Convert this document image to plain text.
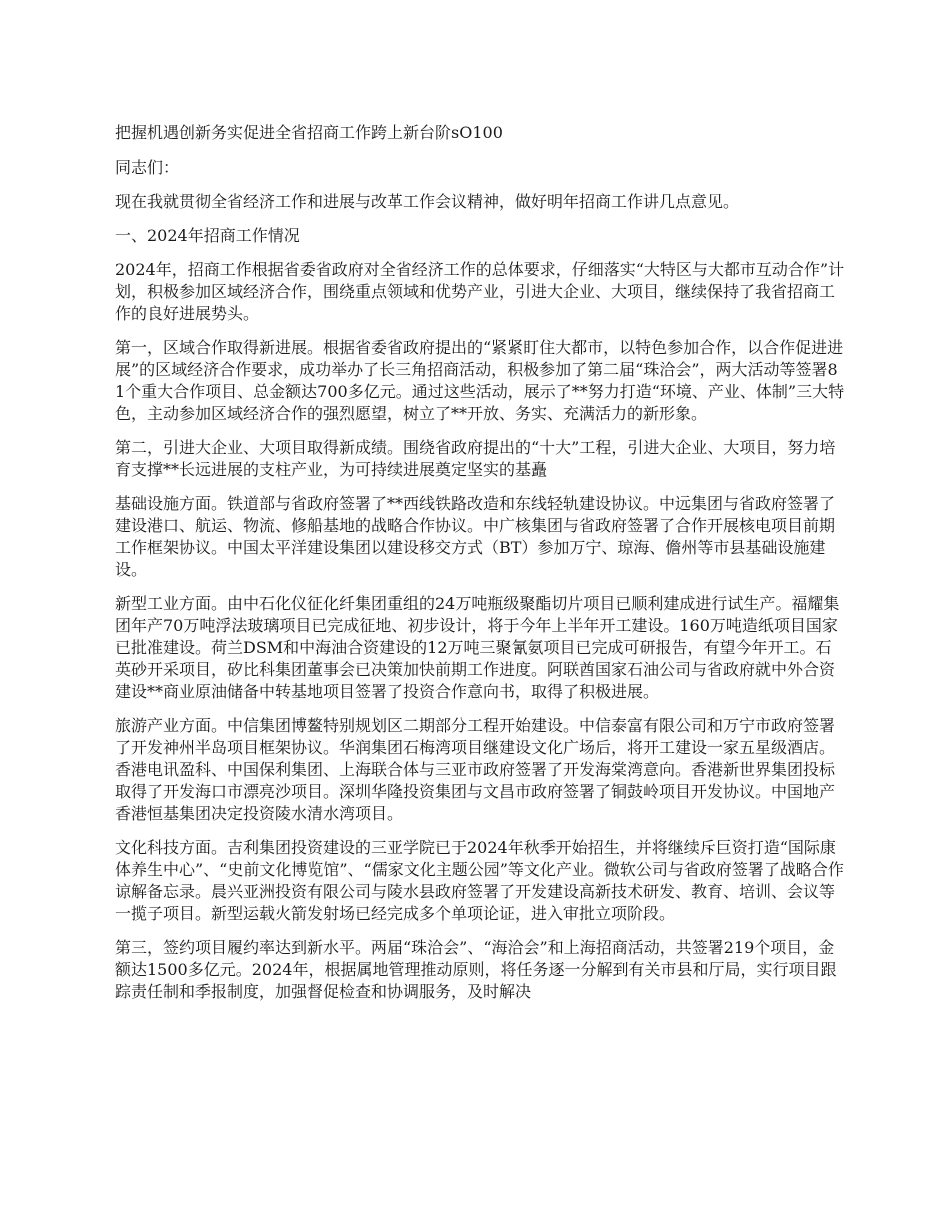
把握机遇创新务实促进全省招商工作跨上新台阶sO100

同志们：

现在我就贯彻全省经济工作和进展与改革工作会议精神，做好明年招商工作讲几点意见。

一、2024年招商工作情况

2024年，招商工作根据省委省政府对全省经济工作的总体要求，仔细落实“大特区与大都市互动合作”计划，积极参加区域经济合作，围绕重点领域和优势产业，引进大企业、大项目，继续保持了我省招商工作的良好进展势头。

第一，区域合作取得新进展。根据省委省政府提出的“紧紧盯住大都市，以特色参加合作，以合作促进进展”的区域经济合作要求，成功举办了长三角招商活动，积极参加了第二届“珠洽会”，两大活动等签署81个重大合作项目、总金额达700多亿元。通过这些活动，展示了**努力打造“环境、产业、体制”三大特色，主动参加区域经济合作的强烈愿望，树立了**开放、务实、充满活力的新形象。

第二，引进大企业、大项目取得新成绩。围绕省政府提出的“十大”工程，引进大企业、大项目，努力培育支撑**长远进展的支柱产业，为可持续进展奠定坚实的基矗

基础设施方面。铁道部与省政府签署了**西线铁路改造和东线轻轨建设协议。中远集团与省政府签署了建设港口、航运、物流、修船基地的战略合作协议。中广核集团与省政府签署了合作开展核电项目前期工作框架协议。中国太平洋建设集团以建设移交方式（BT）参加万宁、琼海、儋州等市县基础设施建设。

新型工业方面。由中石化仪征化纤集团重组的24万吨瓶级聚酯切片项目已顺利建成进行试生产。福耀集团年产70万吨浮法玻璃项目已完成征地、初步设计，将于今年上半年开工建设。160万吨造纸项目国家已批准建设。荷兰DSM和中海油合资建设的12万吨三聚氰氨项目已完成可研报告，有望今年开工。石英砂开采项目，矽比科集团董事会已决策加快前期工作进度。阿联酋国家石油公司与省政府就中外合资建设**商业原油储备中转基地项目签署了投资合作意向书，取得了积极进展。

旅游产业方面。中信集团博鳌特别规划区二期部分工程开始建设。中信泰富有限公司和万宁市政府签署了开发神州半岛项目框架协议。华润集团石梅湾项目继建设文化广场后，将开工建设一家五星级酒店。香港电讯盈科、中国保利集团、上海联合体与三亚市政府签署了开发海棠湾意向。香港新世界集团投标取得了开发海口市漂亮沙项目。深圳华隆投资集团与文昌市政府签署了铜鼓岭项目开发协议。中国地产香港恒基集团决定投资陵水清水湾项目。

文化科技方面。吉利集团投资建设的三亚学院已于2024年秋季开始招生，并将继续斥巨资打造“国际康体养生中心”、“史前文化博览馆”、“儒家文化主题公园”等文化产业。微软公司与省政府签署了战略合作谅解备忘录。晨兴亚洲投资有限公司与陵水县政府签署了开发建设高新技术研发、教育、培训、会议等一揽子项目。新型运载火箭发射场已经完成多个单项论证，进入审批立项阶段。

第三，签约项目履约率达到新水平。两届“珠洽会”、“海洽会”和上海招商活动，共签署219个项目，金额达1500多亿元。2024年，根据属地管理推动原则，将任务逐一分解到有关市县和厅局，实行项目跟踪责任制和季报制度，加强督促检查和协调服务，及时解决
